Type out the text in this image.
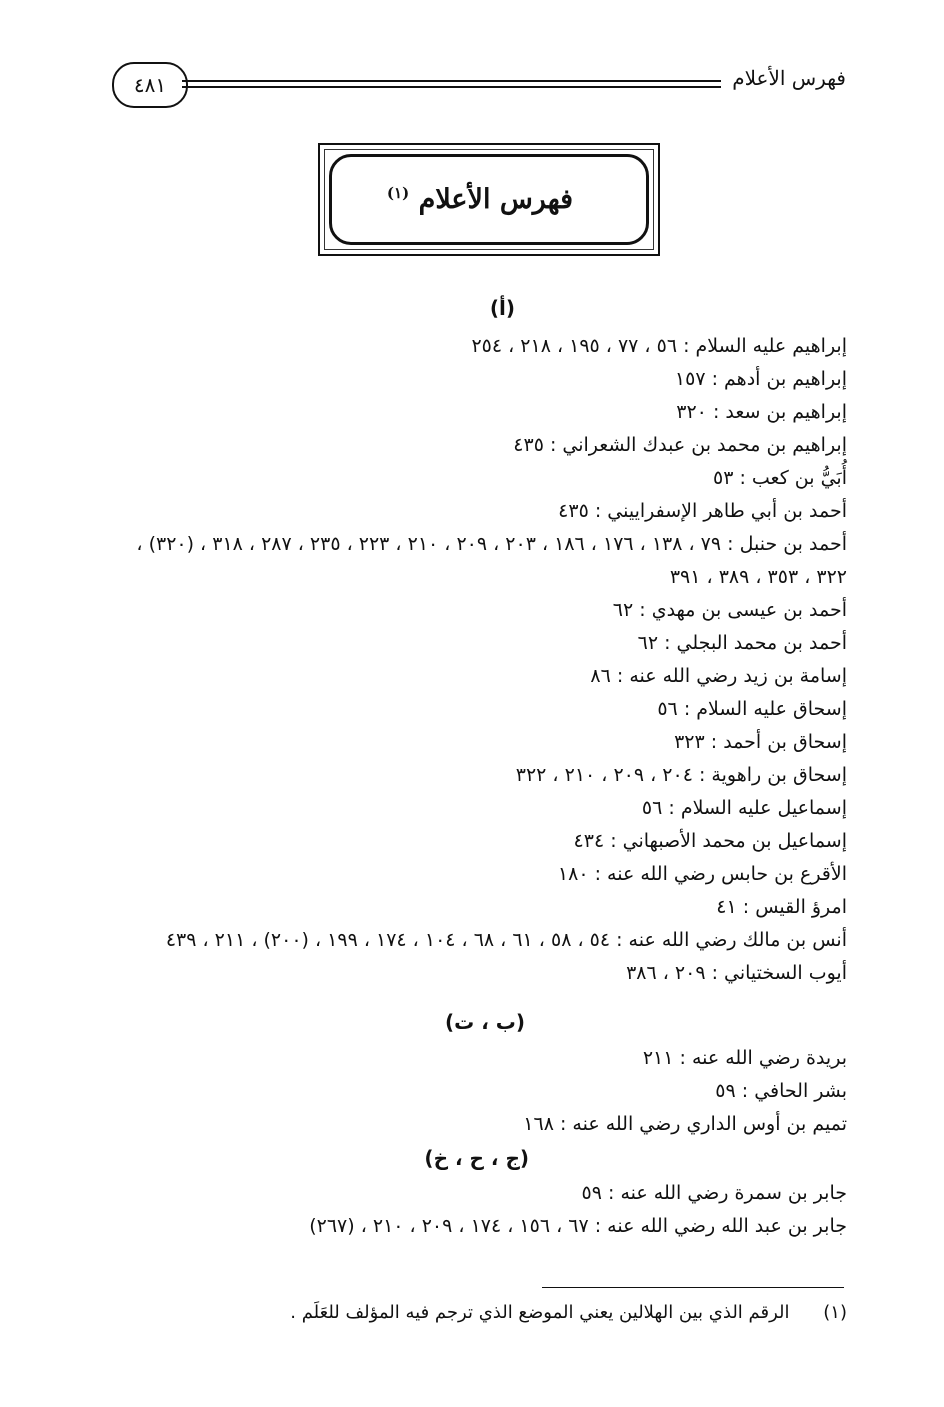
٤٨١	فهرس الأعلام
فهرس الأعلام $^{(١)}$
(أ)
إبراهيم عليه السلام : ٥٦ ، ٧٧ ، ١٩٥ ، ٢١٨ ، ٢٥٤
إبراهيم بن أدهم : ١٥٧
إبراهيم بن سعد : ٣٢٠
إبراهيم بن محمد بن عبدك الشعراني : ٤٣٥
أُبَيُّ بن كعب : ٥٣
أحمد بن أبي طاهر الإسفراييني : ٤٣٥
أحمد بن حنبل : ٧٩ ، ١٣٨ ، ١٧٦ ، ١٨٦ ، ٢٠٣ ، ٢٠٩ ، ٢١٠ ، ٢٢٣ ، ٢٣٥ ، ٢٨٧ ، ٣١٨ ، (٣٢٠) ، ٣٢٢ ، ٣٥٣ ، ٣٨٩ ، ٣٩١
أحمد بن عيسى بن مهدي : ٦٢
أحمد بن محمد البجلي : ٦٢
إسامة بن زيد رضي الله عنه : ٨٦
إسحاق عليه السلام : ٥٦
إسحاق بن أحمد : ٣٢٣
إسحاق بن راهوية : ٢٠٤ ، ٢٠٩ ، ٢١٠ ، ٣٢٢
إسماعيل عليه السلام : ٥٦
إسماعيل بن محمد الأصبهاني : ٤٣٤
الأقرع بن حابس رضي الله عنه : ١٨٠
امرؤ القيس : ٤١
أنس بن مالك رضي الله عنه : ٥٤ ، ٥٨ ، ٦١ ، ٦٨ ، ١٠٤ ، ١٧٤ ، ١٩٩ ، (٢٠٠) ، ٢١١ ، ٤٣٩
أيوب السختياني : ٢٠٩ ، ٣٨٦
(ب ، ت)
بريدة رضي الله عنه : ٢١١
بشر الحافي : ٥٩
تميم بن أوس الداري رضي الله عنه : ١٦٨
(ج ، ح ، خ)
جابر بن سمرة رضي الله عنه : ٥٩
جابر بن عبد الله رضي الله عنه : ٦٧ ، ١٥٦ ، ١٧٤ ، ٢٠٩ ، ٢١٠ ، (٢٦٧)
(١) الرقم الذي بين الهلالين يعني الموضع الذي ترجم فيه المؤلف للعَلَم .
